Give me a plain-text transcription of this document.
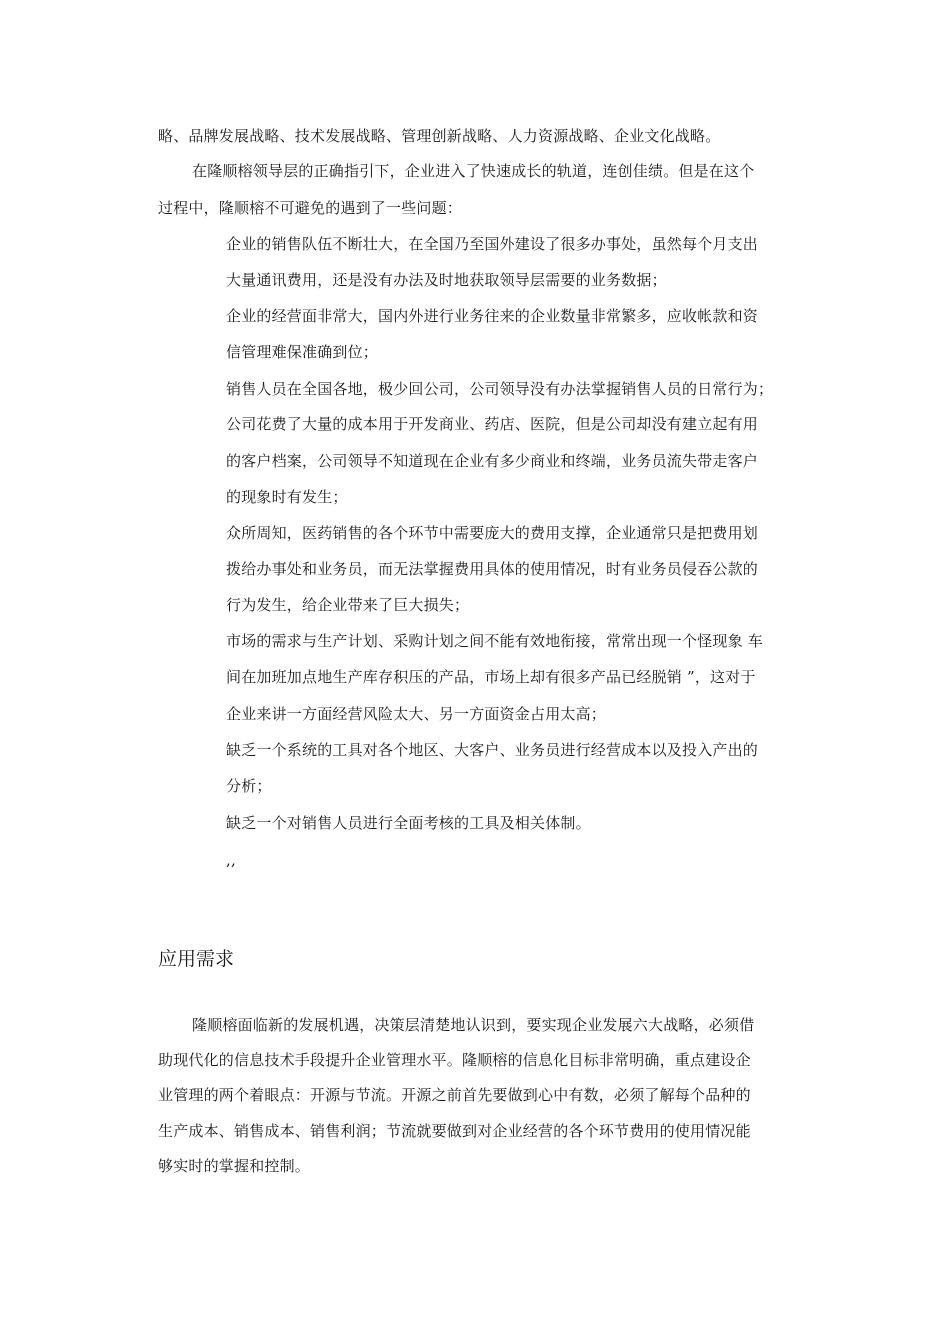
略、品牌发展战略、技术发展战略、管理创新战略、人力资源战略、企业文化战略。
在隆顺榕领导层的正确指引下，企业进入了快速成长的轨道，连创佳绩。但是在这个
过程中，隆顺榕不可避免的遇到了一些问题：
企业的销售队伍不断壮大，在全国乃至国外建设了很多办事处，虽然每个月支出
大量通讯费用，还是没有办法及时地获取领导层需要的业务数据；
企业的经营面非常大，国内外进行业务往来的企业数量非常繁多，应收帐款和资
信管理难保准确到位；
销售人员在全国各地，极少回公司，公司领导没有办法掌握销售人员的日常行为；
公司花费了大量的成本用于开发商业、药店、医院，但是公司却没有建立起有用
的客户档案，公司领导不知道现在企业有多少商业和终端，业务员流失带走客户
的现象时有发生；
众所周知，医药销售的各个环节中需要庞大的费用支撑，企业通常只是把费用划
拨给办事处和业务员，而无法掌握费用具体的使用情况，时有业务员侵吞公款的
行为发生，给企业带来了巨大损失；
市场的需求与生产计划、采购计划之间不能有效地衔接，常常出现一个怪现象 车
间在加班加点地生产库存积压的产品，市场上却有很多产品已经脱销 ”，这对于
企业来讲一方面经营风险太大、另一方面资金占用太高；
缺乏一个系统的工具对各个地区、大客户、业务员进行经营成本以及投入产出的
分析；
缺乏一个对销售人员进行全面考核的工具及相关体制。
,,
应用需求
隆顺榕面临新的发展机遇，决策层清楚地认识到，要实现企业发展六大战略，必须借
助现代化的信息技术手段提升企业管理水平。隆顺榕的信息化目标非常明确，重点建设企
业管理的两个着眼点：开源与节流。开源之前首先要做到心中有数，必须了解每个品种的
生产成本、销售成本、销售利润；节流就要做到对企业经营的各个环节费用的使用情况能
够实时的掌握和控制。
